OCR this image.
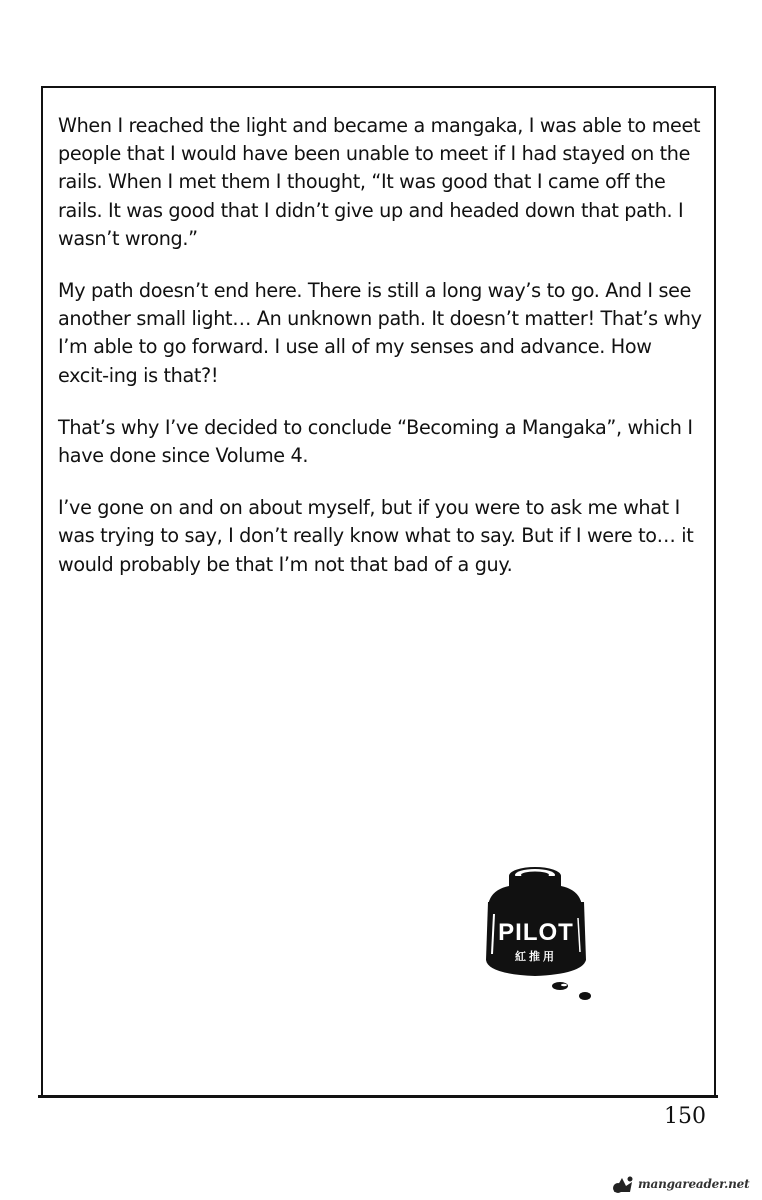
When I reached the light and became a mangaka, I was able to meet people that I would have been unable to meet if I had stayed on the rails. When I met them I thought, “It was good that I came off the rails. It was good that I didn’t give up and headed down that path. I wasn’t wrong.”

My path doesn’t end here. There is still a long way’s to go. And I see another small light… An unknown path. It doesn’t matter! That’s why I’m able to go forward. I use all of my senses and advance. How excit-ing is that?!

That’s why I’ve decided to conclude “Becoming a Mangaka”, which I have done since Volume 4.

I’ve gone on and on about myself, but if you were to ask me what I was trying to say, I don’t really know what to say. But if I were to… it would probably be that I’m not that bad of a guy.

PILOT
紅推用
150
mangareader.net
